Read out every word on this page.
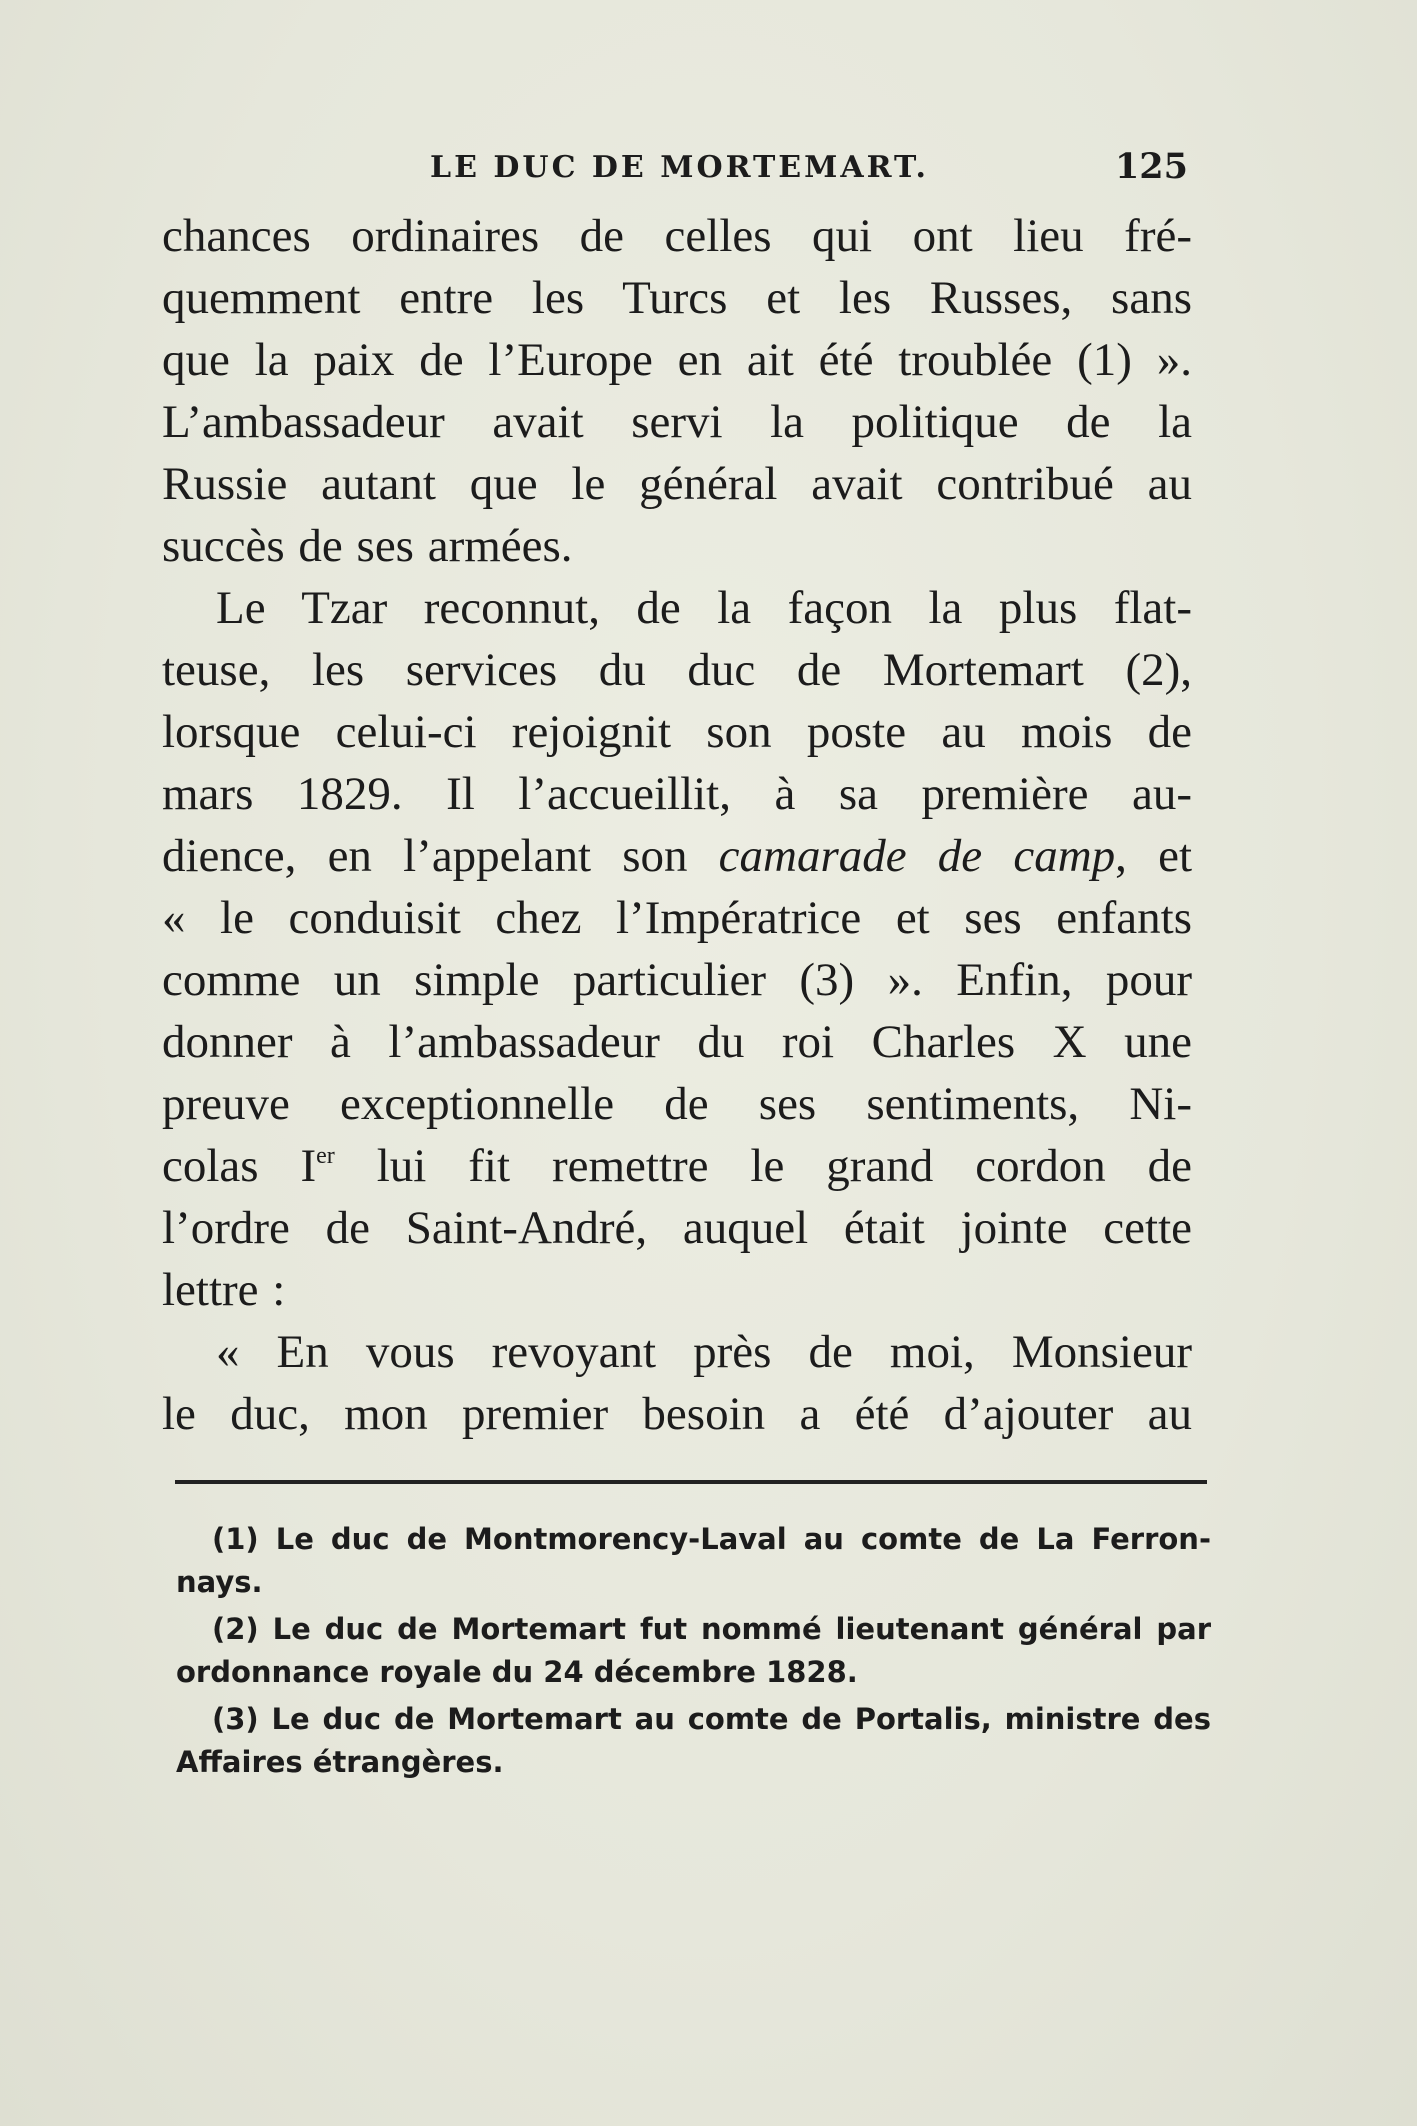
LE DUC DE MORTEMART.	125
chances ordinaires de celles qui ont lieu fré-
quemment entre les Turcs et les Russes, sans
que la paix de l’Europe en ait été troublée (1) ».
L’ambassadeur avait servi la politique de la
Russie autant que le général avait contribué au
succès de ses armées.
Le Tzar reconnut, de la façon la plus flat-
teuse, les services du duc de Mortemart (2),
lorsque celui-ci rejoignit son poste au mois de
mars 1829. Il l’accueillit, à sa première au-
dience, en l’appelant son camarade de camp, et
« le conduisit chez l’Impératrice et ses enfants
comme un simple particulier (3) ». Enfin, pour
donner à l’ambassadeur du roi Charles X une
preuve exceptionnelle de ses sentiments, Ni-
colas Ier lui fit remettre le grand cordon de
l’ordre de Saint-André, auquel était jointe cette
lettre :
« En vous revoyant près de moi, Monsieur
le duc, mon premier besoin a été d’ajouter au
(1) Le duc de Montmorency-Laval au comte de La Ferron-
nays.
(2) Le duc de Mortemart fut nommé lieutenant général par
ordonnance royale du 24 décembre 1828.
(3) Le duc de Mortemart au comte de Portalis, ministre des
Affaires étrangères.
